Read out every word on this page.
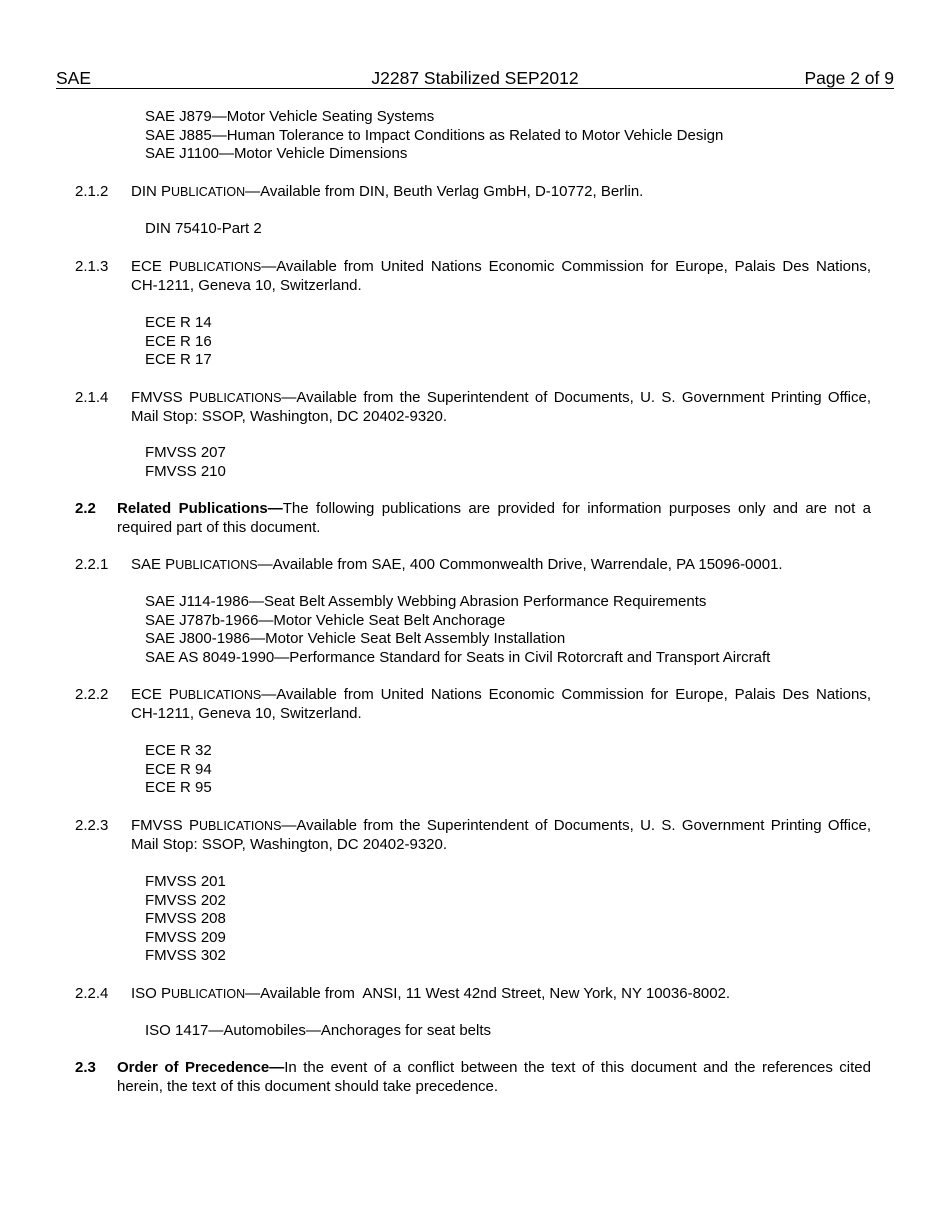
SAE	J2287 Stabilized SEP2012	Page 2 of 9
SAE J879—Motor Vehicle Seating Systems
SAE J885—Human Tolerance to Impact Conditions as Related to Motor Vehicle Design
SAE J1100—Motor Vehicle Dimensions
2.1.2 DIN PUBLICATION—Available from DIN, Beuth Verlag GmbH, D-10772, Berlin.
DIN 75410-Part 2
2.1.3 ECE PUBLICATIONS—Available from United Nations Economic Commission for Europe, Palais Des Nations, CH-1211, Geneva 10, Switzerland.
ECE R 14
ECE R 16
ECE R 17
2.1.4 FMVSS PUBLICATIONS—Available from the Superintendent of Documents, U. S. Government Printing Office, Mail Stop: SSOP, Washington, DC 20402-9320.
FMVSS 207
FMVSS 210
2.2 Related Publications—The following publications are provided for information purposes only and are not a required part of this document.
2.2.1 SAE PUBLICATIONS—Available from SAE, 400 Commonwealth Drive, Warrendale, PA 15096-0001.
SAE J114-1986—Seat Belt Assembly Webbing Abrasion Performance Requirements
SAE J787b-1966—Motor Vehicle Seat Belt Anchorage
SAE J800-1986—Motor Vehicle Seat Belt Assembly Installation
SAE AS 8049-1990—Performance Standard for Seats in Civil Rotorcraft and Transport Aircraft
2.2.2 ECE PUBLICATIONS—Available from United Nations Economic Commission for Europe, Palais Des Nations, CH-1211, Geneva 10, Switzerland.
ECE R 32
ECE R 94
ECE R 95
2.2.3 FMVSS PUBLICATIONS—Available from the Superintendent of Documents, U. S. Government Printing Office, Mail Stop: SSOP, Washington, DC 20402-9320.
FMVSS 201
FMVSS 202
FMVSS 208
FMVSS 209
FMVSS 302
2.2.4 ISO PUBLICATION—Available from  ANSI, 11 West 42nd Street, New York, NY 10036-8002.
ISO 1417—Automobiles—Anchorages for seat belts
2.3 Order of Precedence—In the event of a conflict between the text of this document and the references cited herein, the text of this document should take precedence.
